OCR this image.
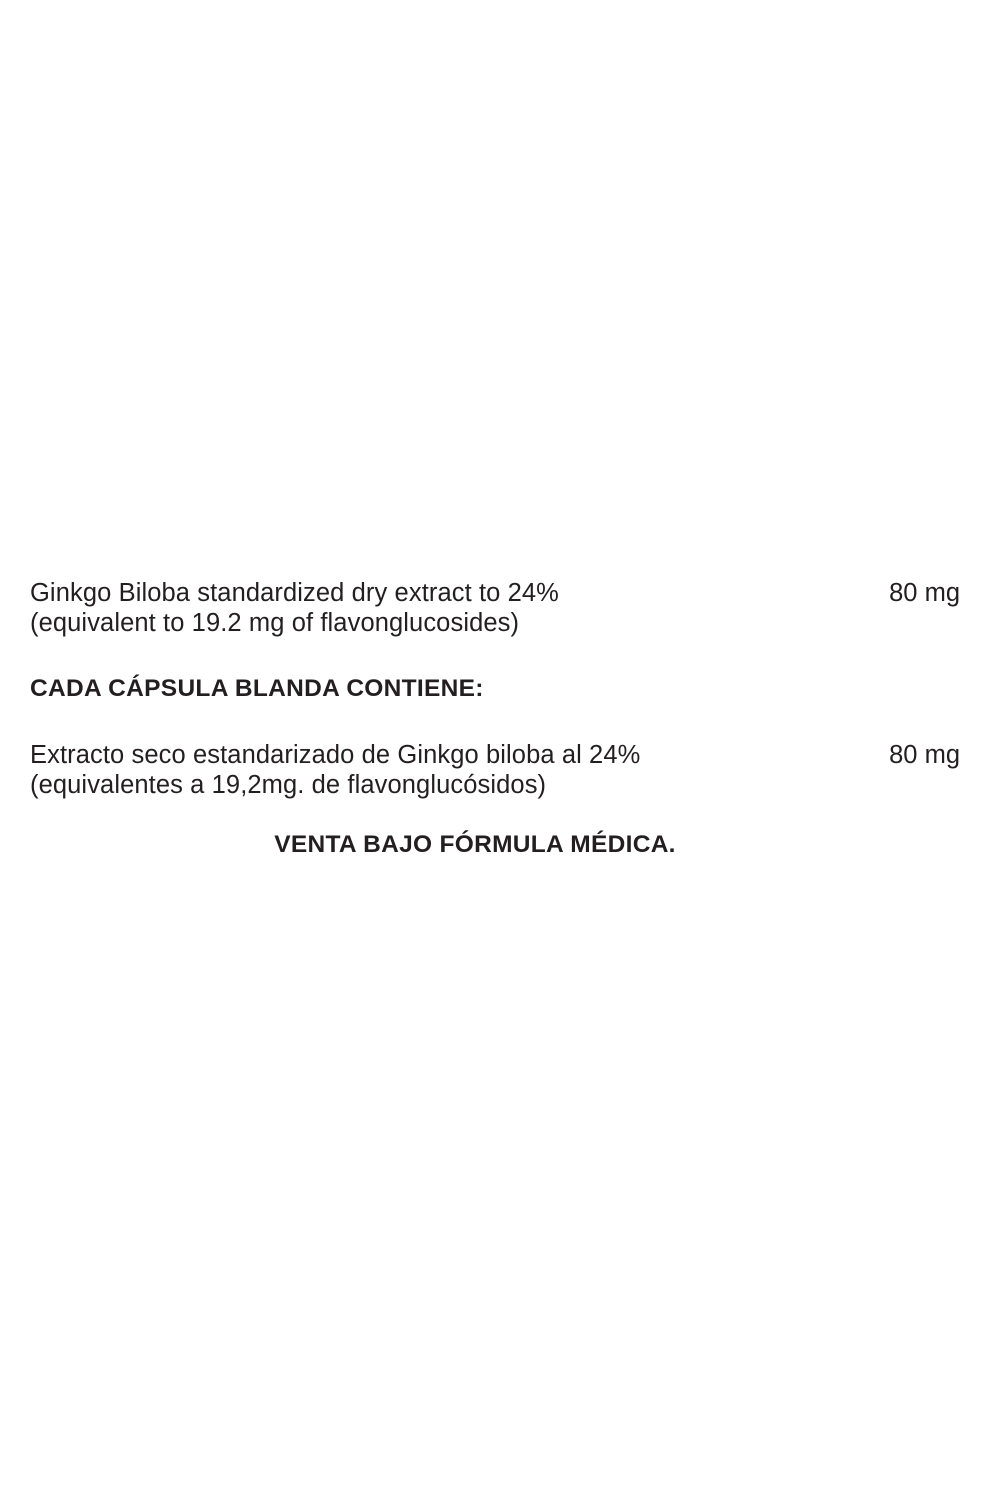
Ginkgo Biloba standardized dry extract to 24%
(equivalent to 19.2 mg of flavonglucosides)
80 mg
CADA CÁPSULA BLANDA CONTIENE:
Extracto seco estandarizado de Ginkgo biloba al 24%
(equivalentes a 19,2mg. de flavonglucósidos)
80 mg
VENTA BAJO FÓRMULA MÉDICA.
